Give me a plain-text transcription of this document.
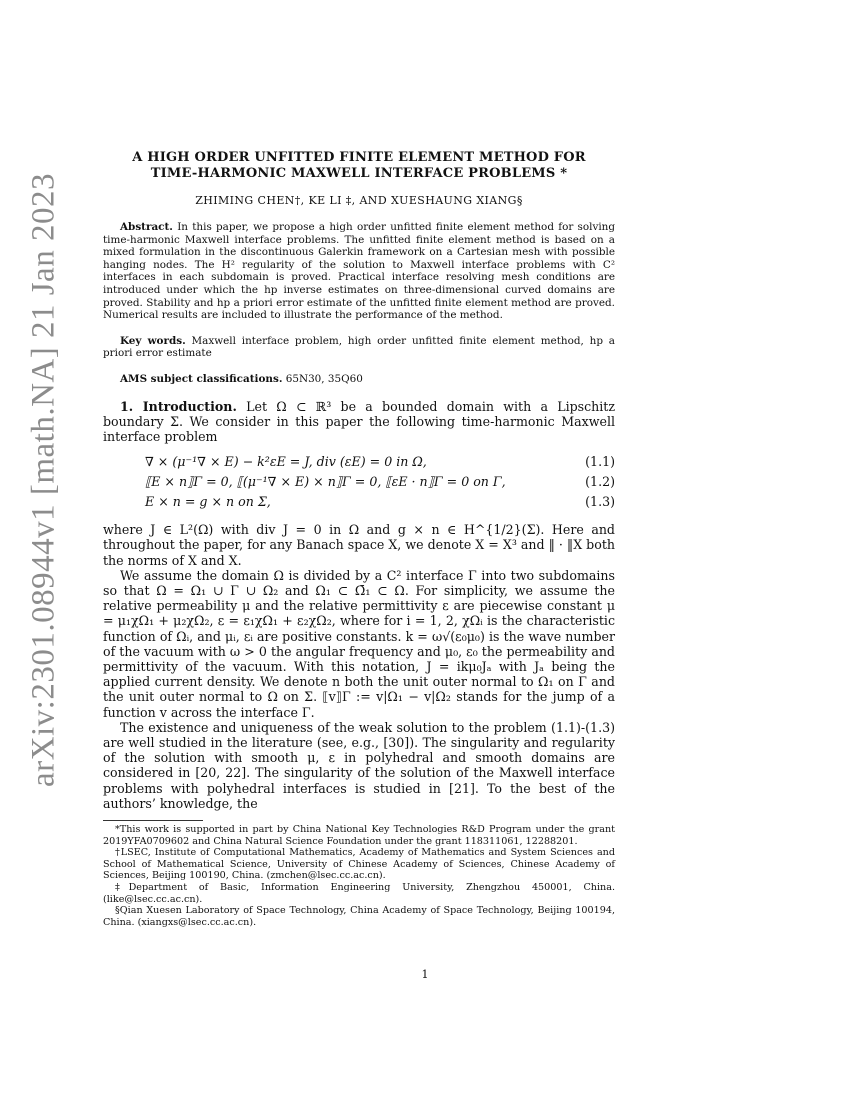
arXiv:2301.08944v1 [math.NA] 21 Jan 2023
A HIGH ORDER UNFITTED FINITE ELEMENT METHOD FOR
TIME-HARMONIC MAXWELL INTERFACE PROBLEMS *
ZHIMING CHEN†, KE LI ‡, AND XUESHAUNG XIANG§
Abstract. In this paper, we propose a high order unfitted finite element method for solving time-harmonic Maxwell interface problems. The unfitted finite element method is based on a mixed formulation in the discontinuous Galerkin framework on a Cartesian mesh with possible hanging nodes. The H² regularity of the solution to Maxwell interface problems with C² interfaces in each subdomain is proved. Practical interface resolving mesh conditions are introduced under which the hp inverse estimates on three-dimensional curved domains are proved. Stability and hp a priori error estimate of the unfitted finite element method are proved. Numerical results are included to illustrate the performance of the method.
Key words. Maxwell interface problem, high order unfitted finite element method, hp a priori error estimate
AMS subject classifications. 65N30, 35Q60

1. Introduction. Let Ω ⊂ ℝ³ be a bounded domain with a Lipschitz boundary Σ. We consider in this paper the following time-harmonic Maxwell interface problem

∇ × (μ⁻¹∇ × E) − k²εE = J, div (εE) = 0 in Ω,	(1.1)
⟦E × n⟧Γ = 0, ⟦(μ⁻¹∇ × E) × n⟧Γ = 0, ⟦εE · n⟧Γ = 0 on Γ,	(1.2)
E × n = g × n on Σ,	(1.3)

where J ∈ L²(Ω) with div J = 0 in Ω and g × n ∈ H^{1/2}(Σ). Here and throughout the paper, for any Banach space X, we denote X = X³ and ‖ · ‖X both the norms of X and X.

We assume the domain Ω is divided by a C² interface Γ into two subdomains so that Ω = Ω₁ ∪ Γ ∪ Ω₂ and Ω₁ ⊂ Ω̄₁ ⊂ Ω. For simplicity, we assume the relative permeability μ and the relative permittivity ε are piecewise constant μ = μ₁χΩ₁ + μ₂χΩ₂, ε = ε₁χΩ₁ + ε₂χΩ₂, where for i = 1, 2, χΩᵢ is the characteristic function of Ωᵢ, and μᵢ, εᵢ are positive constants. k = ω√(ε₀μ₀) is the wave number of the vacuum with ω > 0 the angular frequency and μ₀, ε₀ the permeability and permittivity of the vacuum. With this notation, J = ikμ₀Jₐ with Jₐ being the applied current density. We denote n both the unit outer normal to Ω₁ on Γ and the unit outer normal to Ω on Σ. ⟦v⟧Γ := v|Ω₁ − v|Ω₂ stands for the jump of a function v across the interface Γ.

The existence and uniqueness of the weak solution to the problem (1.1)-(1.3) are well studied in the literature (see, e.g., [30]). The singularity and regularity of the solution with smooth μ, ε in polyhedral and smooth domains are considered in [20, 22]. The singularity of the solution of the Maxwell interface problems with polyhedral interfaces is studied in [21]. To the best of the authors’ knowledge, the

*This work is supported in part by China National Key Technologies R&D Program under the grant 2019YFA0709602 and China Natural Science Foundation under the grant 118311061, 12288201.

†LSEC, Institute of Computational Mathematics, Academy of Mathematics and System Sciences and School of Mathematical Science, University of Chinese Academy of Sciences, Chinese Academy of Sciences, Beijing 100190, China. (zmchen@lsec.cc.ac.cn).

‡Department of Basic, Information Engineering University, Zhengzhou 450001, China. (like@lsec.cc.ac.cn).

§Qian Xuesen Laboratory of Space Technology, China Academy of Space Technology, Beijing 100194, China. (xiangxs@lsec.cc.ac.cn).

1
